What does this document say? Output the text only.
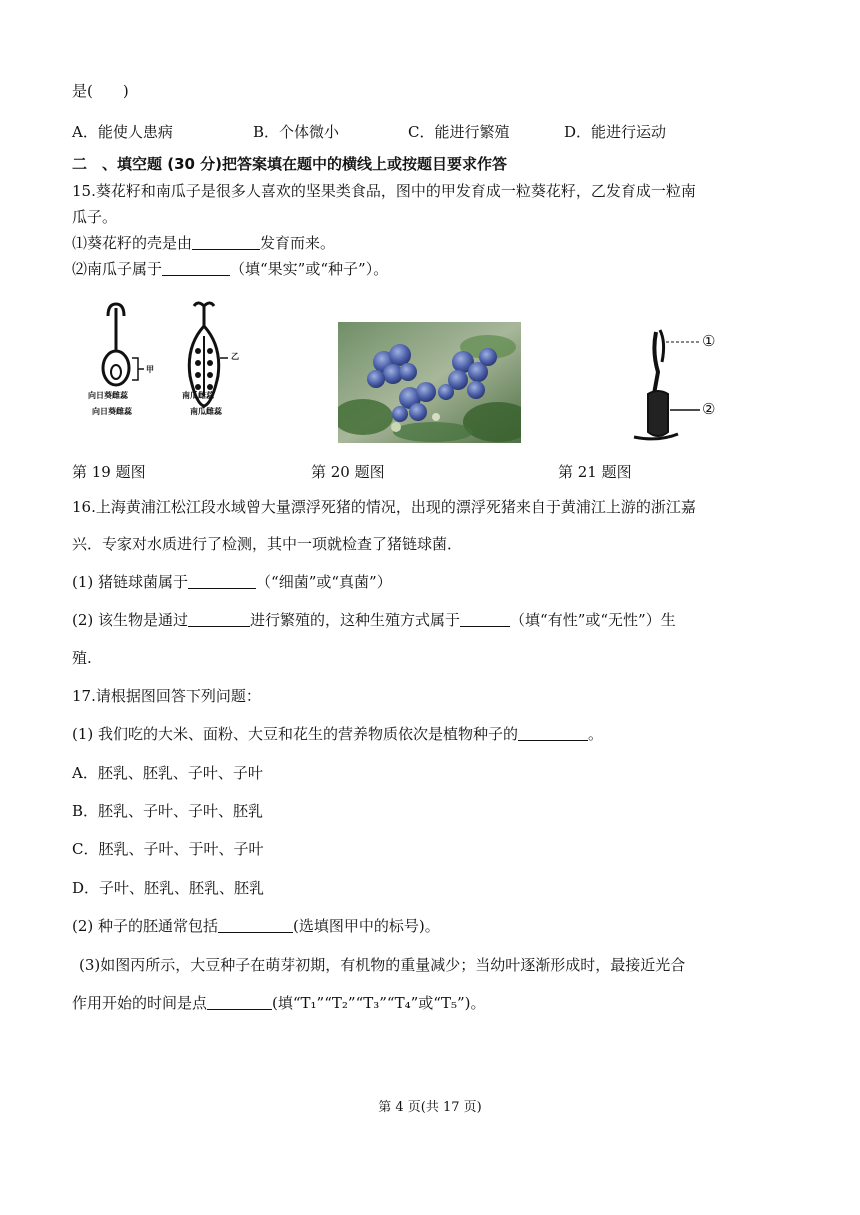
是(　　)
A．能使人患病	B．个体微小	C．能进行繁殖	D．能进行运动
二　、填空题 (30 分)把答案填在题中的横线上或按题目要求作答
15.葵花籽和南瓜子是很多人喜欢的坚果类食品，图中的甲发育成一粒葵花籽，乙发育成一粒南
瓜子。
⑴葵花籽的壳是由	发育而来。
⑵南瓜子属于	（填“果实”或“种子”）。
甲
乙
向日葵雌蕊
向日葵雌蕊
南瓜雌蕊
南瓜雌蕊
①
②
第 19 题图	第 20 题图	第 21 题图
16.上海黄浦江松江段水域曾大量漂浮死猪的情况，出现的漂浮死猪来自于黄浦江上游的浙江嘉
兴．专家对水质进行了检测，其中一项就检查了猪链球菌．
(1) 猪链球菌属于	（“细菌”或“真菌”）
(2) 该生物是通过	进行繁殖的，这种生殖方式属于	（填“有性”或“无性”）生
殖.
17.请根据图回答下列问题：
(1) 我们吃的大米、面粉、大豆和花生的营养物质依次是植物种子的	。
A．胚乳、胚乳、子叶、子叶
B．胚乳、子叶、子叶、胚乳
C．胚乳、子叶、于叶、子叶
D．子叶、胚乳、胚乳、胚乳
(2) 种子的胚通常包括	(选填图甲中的标号)。
(3)如图丙所示，大豆种子在萌芽初期，有机物的重量减少；当幼叶逐渐形成时，最接近光合
作用开始的时间是点	(填“T₁”“T₂”“T₃”“T₄”或“T₅”)。
第 4 页(共 17 页)
